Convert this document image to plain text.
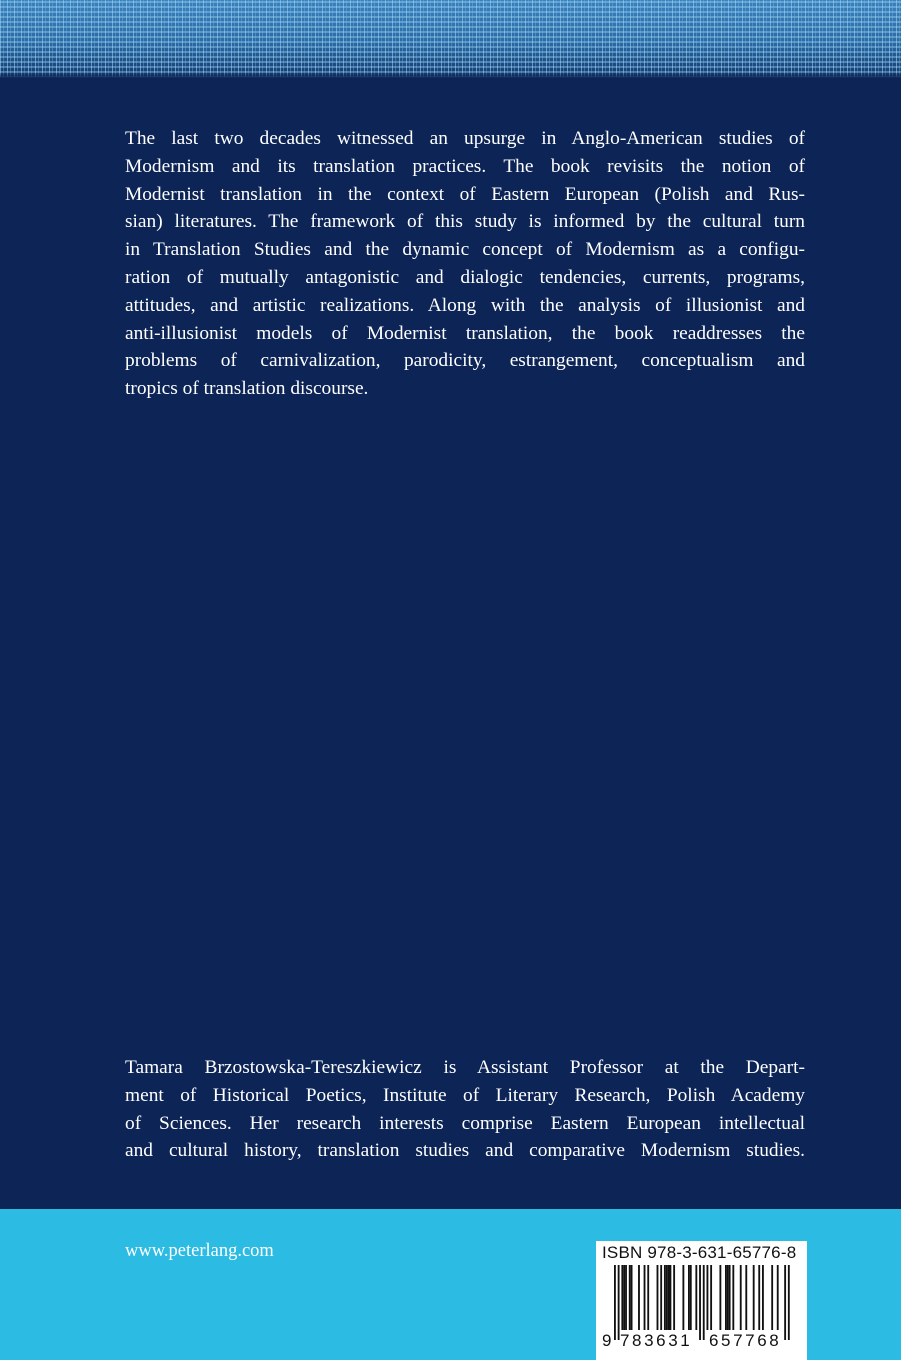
The last two decades witnessed an upsurge in Anglo-American studies of
Modernism and its translation practices. The book revisits the notion of
Modernist translation in the context of Eastern European (Polish and Rus-
sian) literatures. The framework of this study is informed by the cultural turn
in Translation Studies and the dynamic concept of Modernism as a configu-
ration of mutually antagonistic and dialogic tendencies, currents, programs,
attitudes, and artistic realizations. Along with the analysis of illusionist and
anti-illusionist models of Modernist translation, the book readdresses the
problems of carnivalization, parodicity, estrangement, conceptualism and
tropics of translation discourse.
Tamara Brzostowska-Tereszkiewicz is Assistant Professor at the Depart-
ment of Historical Poetics, Institute of Literary Research, Polish Academy
of Sciences. Her research interests comprise Eastern European intellectual
and cultural history, translation studies and comparative Modernism studies.
www.peterlang.com	ISBN 978-3-631-65776-8
9 783631 657768
